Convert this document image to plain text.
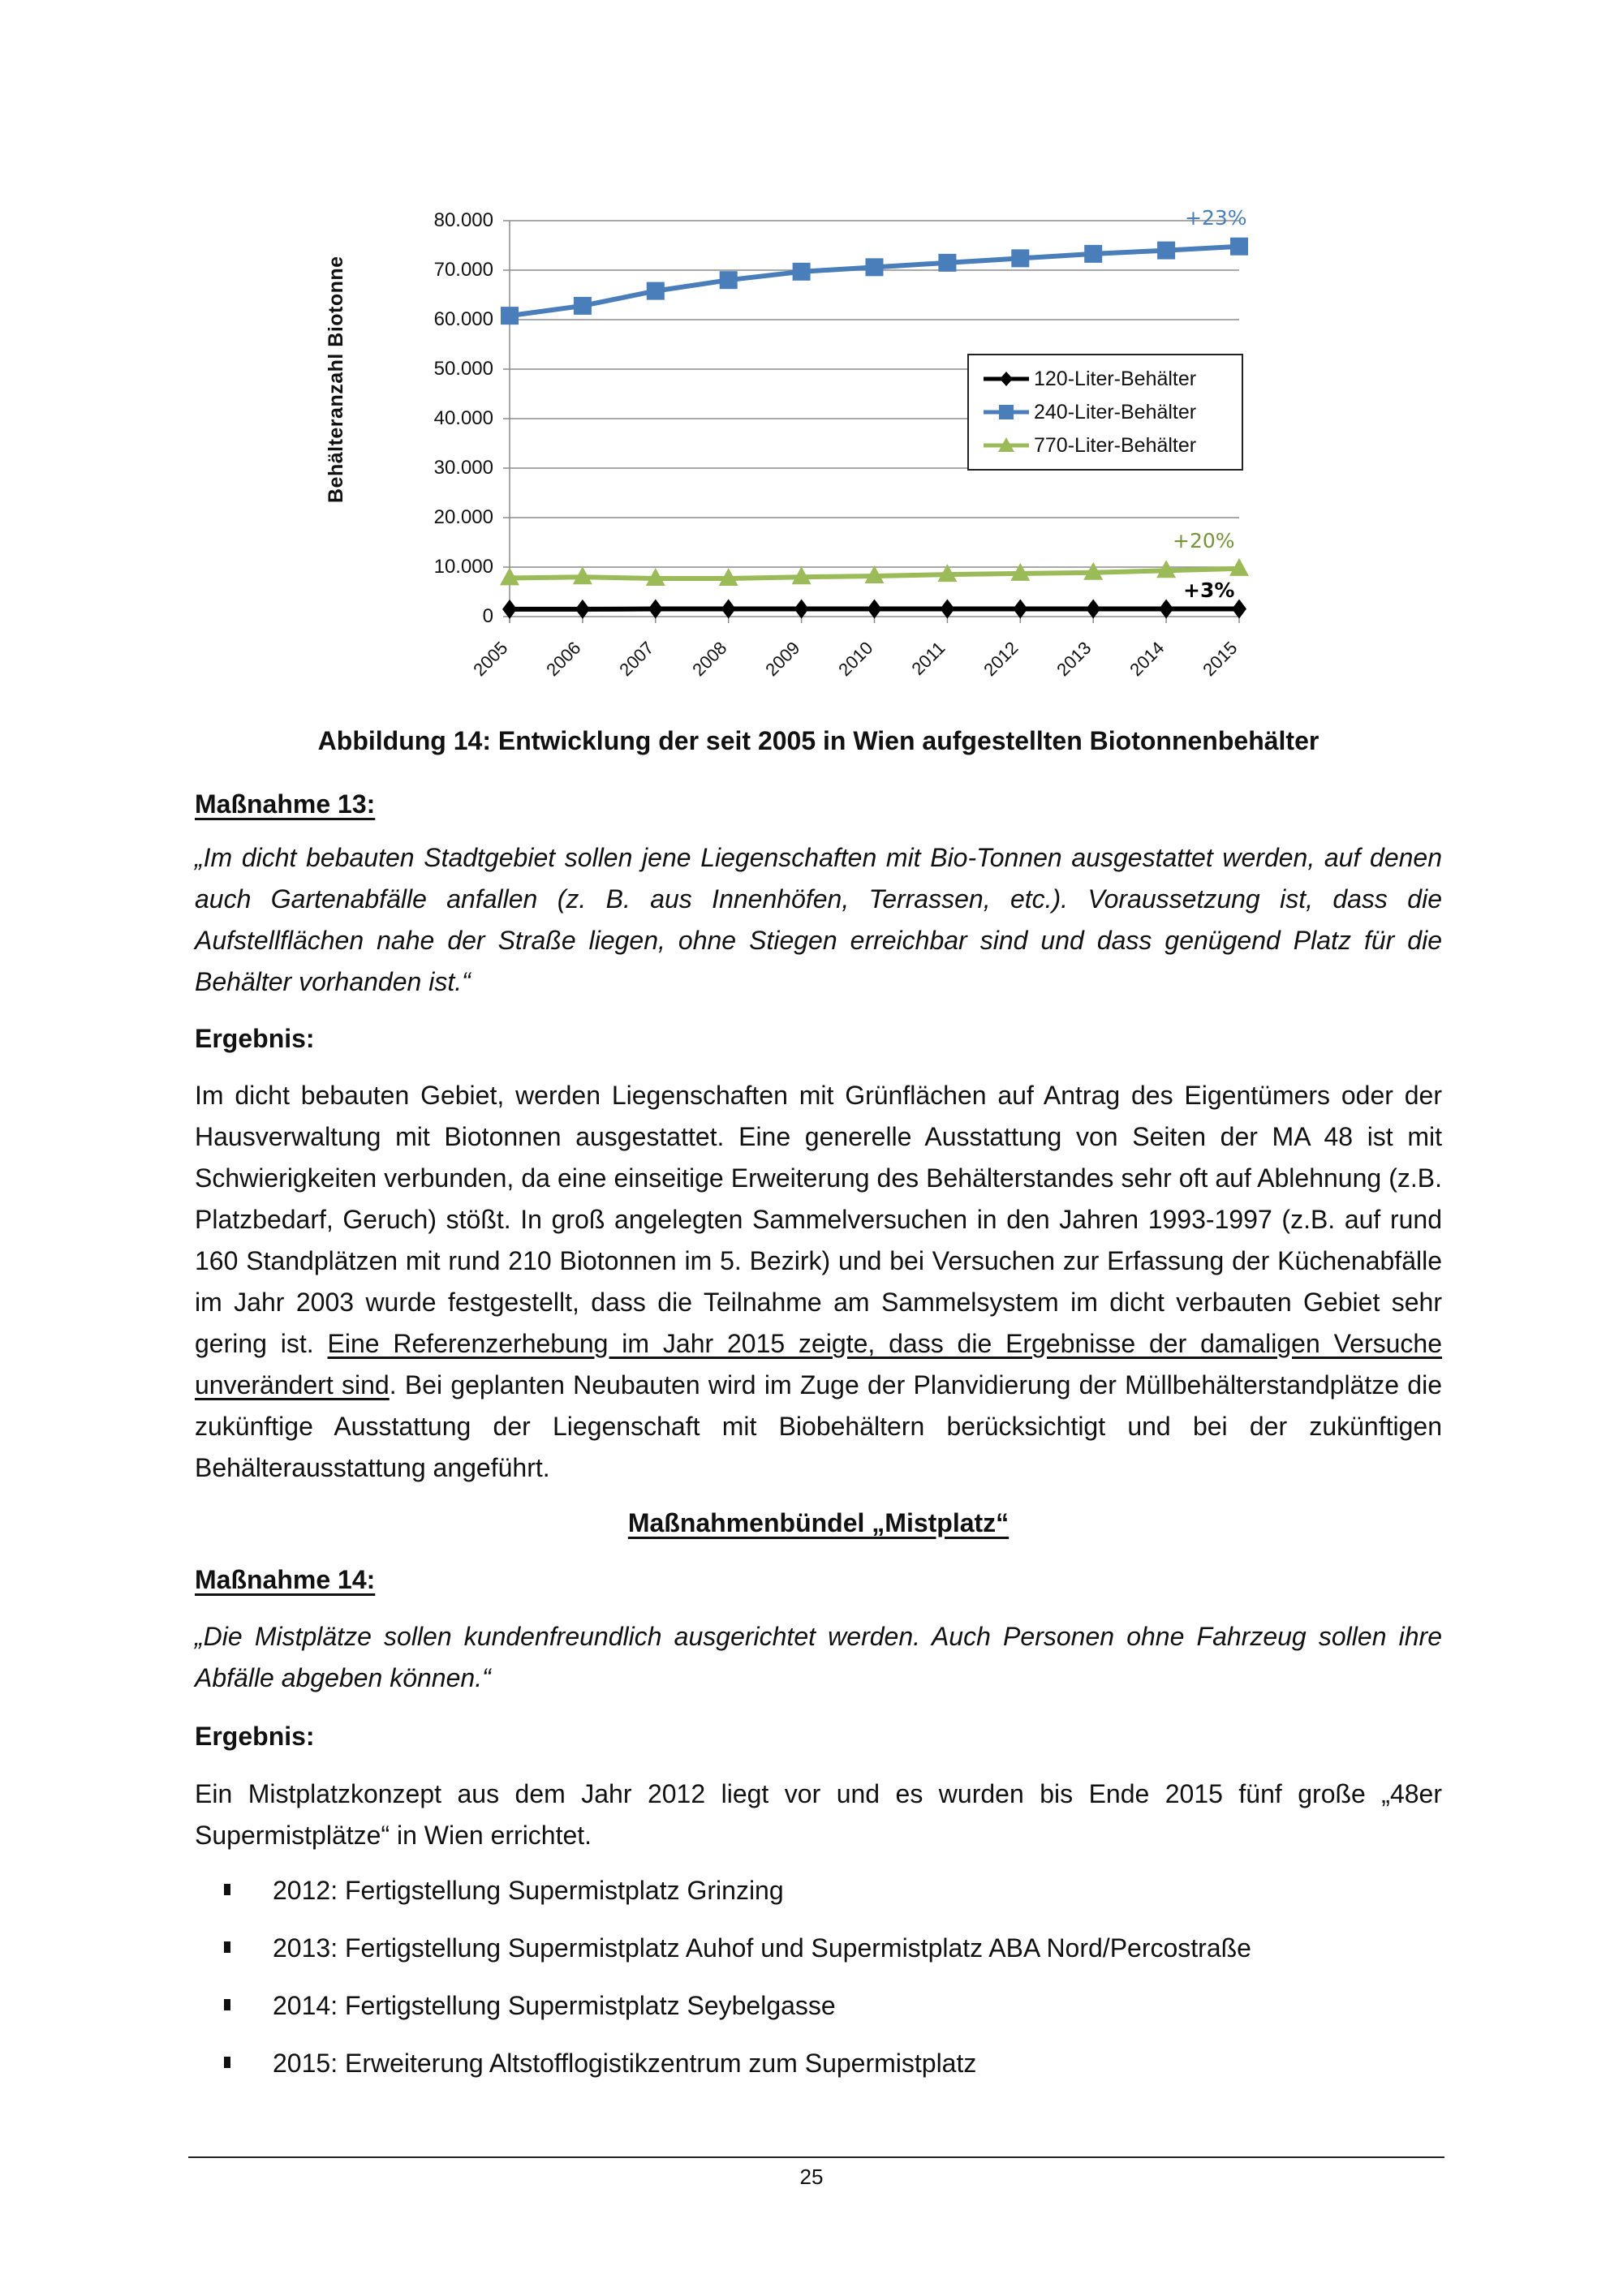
0
10.000
20.000
30.000
40.000
50.000
60.000
70.000
80.000
2005	2006	2007	2008	2009	2010	2011	2012	2013	2014	2015
Behälteranzahl Biotonne	120-Liter-Behälter
240-Liter-Behälter
770-Liter-Behälter
+23%
+20%
+3%
Abbildung 14: Entwicklung der seit 2005 in Wien aufgestellten Biotonnenbehälter
Maßnahme 13:
„Im dicht bebauten Stadtgebiet sollen jene Liegenschaften mit Bio-Tonnen ausgestattet werden, auf denen auch Gartenabfälle anfallen (z. B. aus Innenhöfen, Terrassen, etc.). Voraussetzung ist, dass die Aufstellflächen nahe der Straße liegen, ohne Stiegen erreichbar sind und dass genügend Platz für die Behälter vorhanden ist.“
Ergebnis:
Im dicht bebauten Gebiet, werden Liegenschaften mit Grünflächen auf Antrag des Eigentümers oder der Hausverwaltung mit Biotonnen ausgestattet. Eine generelle Ausstattung von Seiten der MA 48 ist mit Schwierigkeiten verbunden, da eine einseitige Erweiterung des Behälterstandes sehr oft auf Ablehnung (z.B. Platzbedarf, Geruch) stößt. In groß angelegten Sammelversuchen in den Jahren 1993-1997 (z.B. auf rund 160 Standplätzen mit rund 210 Biotonnen im 5. Bezirk) und bei Versuchen zur Erfassung der Küchenabfälle im Jahr 2003 wurde festgestellt, dass die Teilnahme am Sammelsystem im dicht verbauten Gebiet sehr gering ist. Eine Referenzerhebung im Jahr 2015 zeigte, dass die Ergebnisse der damaligen Versuche unverändert sind. Bei geplanten Neubauten wird im Zuge der Planvidierung der Müllbehälterstandplätze die zukünftige Ausstattung der Liegenschaft mit Biobehältern berücksichtigt und bei der zukünftigen Behälterausstattung angeführt.
Maßnahmenbündel „Mistplatz“
Maßnahme 14:
„Die Mistplätze sollen kundenfreundlich ausgerichtet werden. Auch Personen ohne Fahrzeug sollen ihre Abfälle abgeben können.“
Ergebnis:
Ein Mistplatzkonzept aus dem Jahr 2012 liegt vor und es wurden bis Ende 2015 fünf große „48er Supermistplätze“ in Wien errichtet.
2012: Fertigstellung Supermistplatz Grinzing
2013: Fertigstellung Supermistplatz Auhof und Supermistplatz ABA Nord/Percostraße
2014: Fertigstellung Supermistplatz Seybelgasse
2015: Erweiterung Altstofflogistikzentrum zum Supermistplatz
25
